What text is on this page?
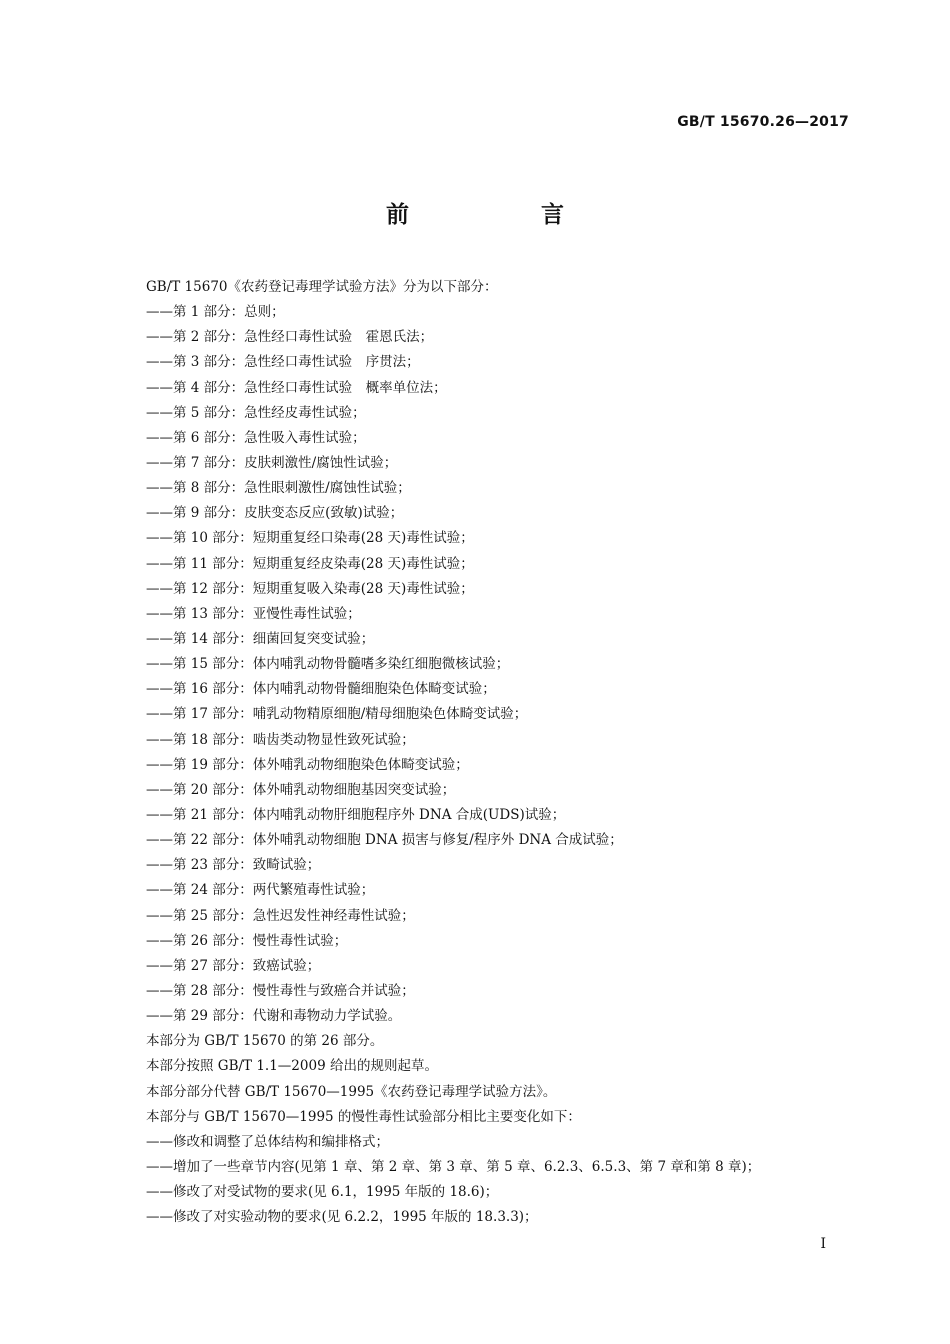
GB/T 15670.26—2017
前 言
GB/T 15670《农药登记毒理学试验方法》分为以下部分：
——第 1 部分：总则；
——第 2 部分：急性经口毒性试验　霍恩氏法；
——第 3 部分：急性经口毒性试验　序贯法；
——第 4 部分：急性经口毒性试验　概率单位法；
——第 5 部分：急性经皮毒性试验；
——第 6 部分：急性吸入毒性试验；
——第 7 部分：皮肤刺激性/腐蚀性试验；
——第 8 部分：急性眼刺激性/腐蚀性试验；
——第 9 部分：皮肤变态反应(致敏)试验；
——第 10 部分：短期重复经口染毒(28 天)毒性试验；
——第 11 部分：短期重复经皮染毒(28 天)毒性试验；
——第 12 部分：短期重复吸入染毒(28 天)毒性试验；
——第 13 部分：亚慢性毒性试验；
——第 14 部分：细菌回复突变试验；
——第 15 部分：体内哺乳动物骨髓嗜多染红细胞微核试验；
——第 16 部分：体内哺乳动物骨髓细胞染色体畸变试验；
——第 17 部分：哺乳动物精原细胞/精母细胞染色体畸变试验；
——第 18 部分：啮齿类动物显性致死试验；
——第 19 部分：体外哺乳动物细胞染色体畸变试验；
——第 20 部分：体外哺乳动物细胞基因突变试验；
——第 21 部分：体内哺乳动物肝细胞程序外 DNA 合成(UDS)试验；
——第 22 部分：体外哺乳动物细胞 DNA 损害与修复/程序外 DNA 合成试验；
——第 23 部分：致畸试验；
——第 24 部分：两代繁殖毒性试验；
——第 25 部分：急性迟发性神经毒性试验；
——第 26 部分：慢性毒性试验；
——第 27 部分：致癌试验；
——第 28 部分：慢性毒性与致癌合并试验；
——第 29 部分：代谢和毒物动力学试验。
本部分为 GB/T 15670 的第 26 部分。
本部分按照 GB/T 1.1—2009 给出的规则起草。
本部分部分代替 GB/T 15670—1995《农药登记毒理学试验方法》。
本部分与 GB/T 15670—1995 的慢性毒性试验部分相比主要变化如下：
——修改和调整了总体结构和编排格式；
——增加了一些章节内容(见第 1 章、第 2 章、第 3 章、第 5 章、6.2.3、6.5.3、第 7 章和第 8 章)；
——修改了对受试物的要求(见 6.1，1995 年版的 18.6)；
——修改了对实验动物的要求(见 6.2.2，1995 年版的 18.3.3)；
I
